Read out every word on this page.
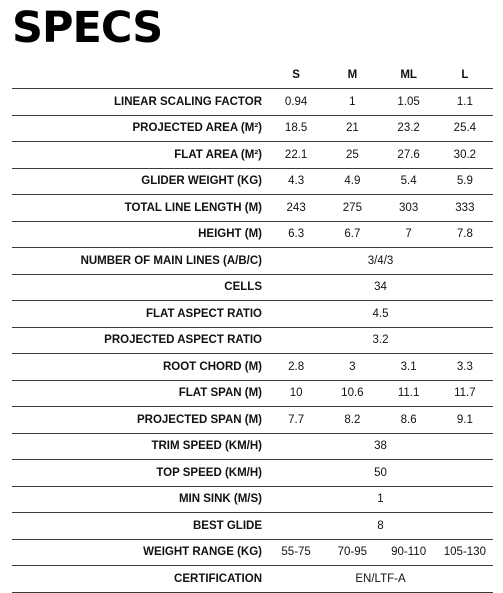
SPECS
	S	M	ML	L
LINEAR SCALING FACTOR	0.94	1	1.05	1.1
PROJECTED AREA (M²)	18.5	21	23.2	25.4
FLAT AREA (M²)	22.1	25	27.6	30.2
GLIDER WEIGHT (KG)	4.3	4.9	5.4	5.9
TOTAL LINE LENGTH (M)	243	275	303	333
HEIGHT (M)	6.3	6.7	7	7.8
NUMBER OF MAIN LINES (A/B/C)	3/4/3			
CELLS	34			
FLAT ASPECT RATIO	4.5			
PROJECTED ASPECT RATIO	3.2			
ROOT CHORD (M)	2.8	3	3.1	3.3
FLAT SPAN (M)	10	10.6	11.1	11.7
PROJECTED SPAN (M)	7.7	8.2	8.6	9.1
TRIM SPEED (KM/H)	38			
TOP SPEED (KM/H)	50			
MIN SINK (M/S)	1			
BEST GLIDE	8			
WEIGHT RANGE (KG)	55-75	70-95	90-110	105-130
CERTIFICATION	EN/LTF-A			
